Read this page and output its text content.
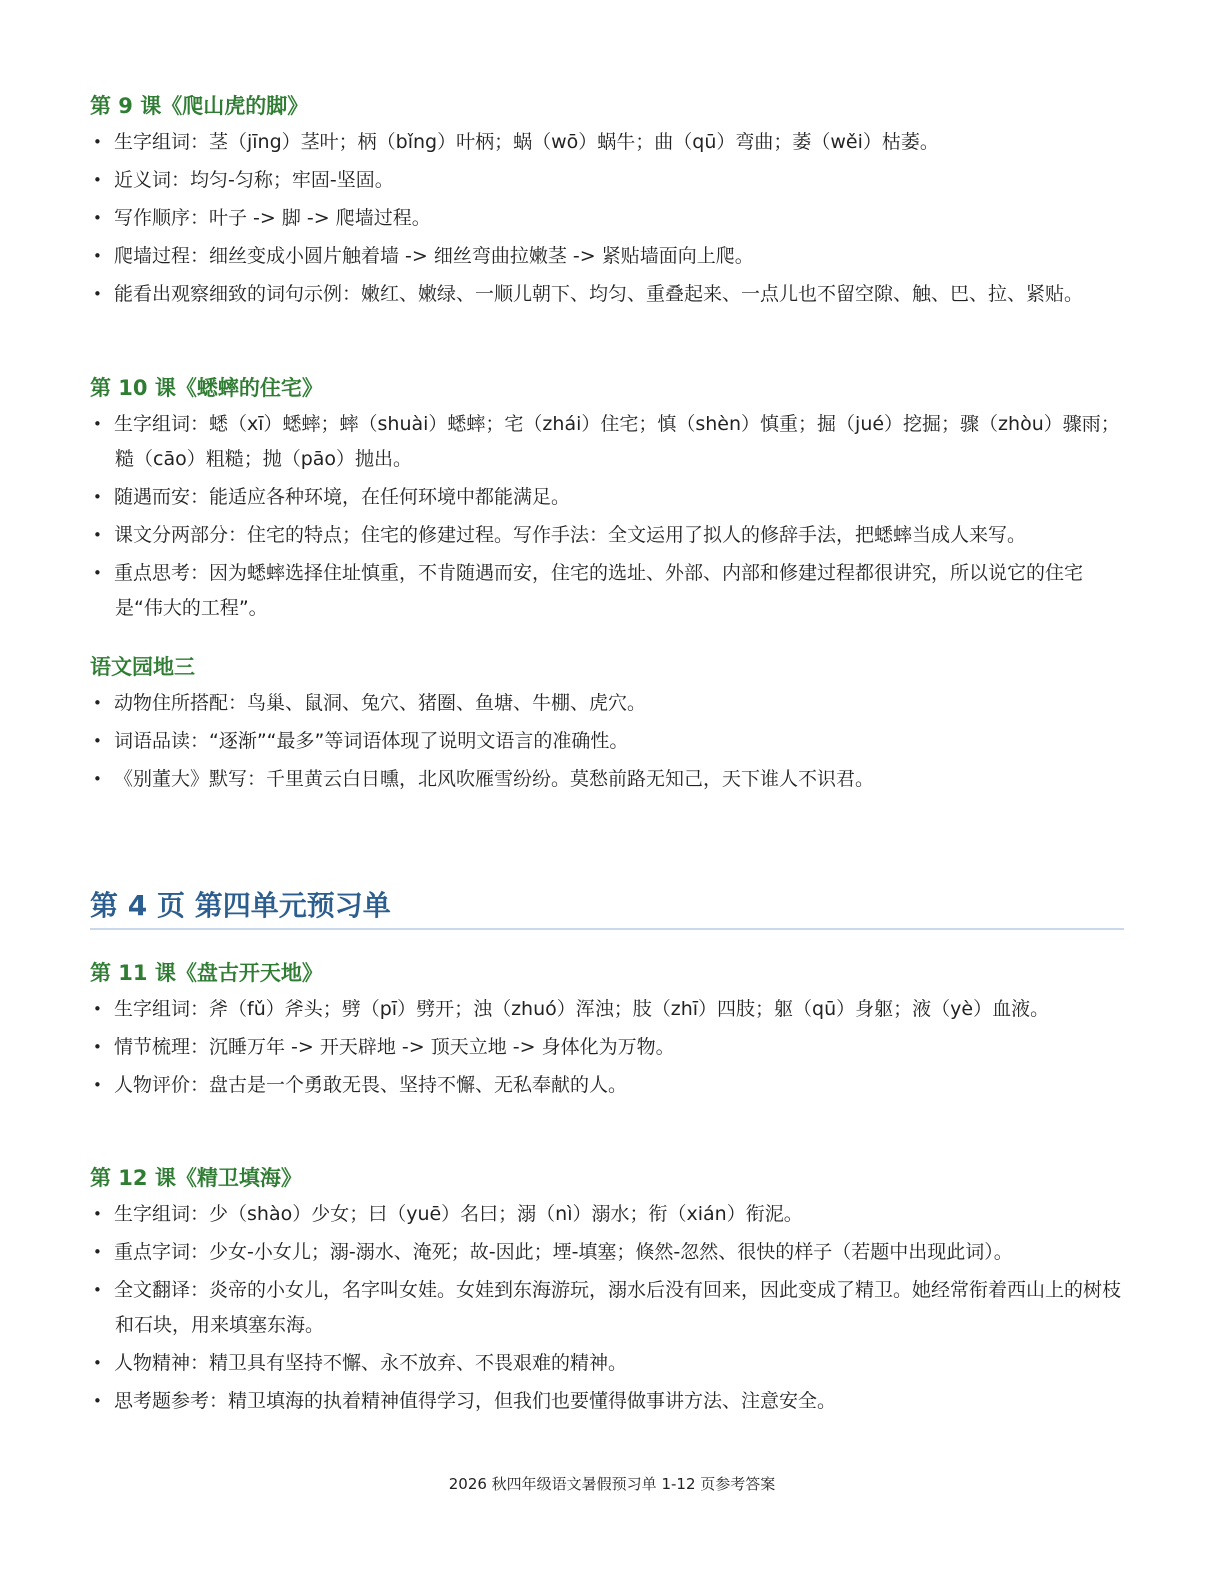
第 9 课《爬山虎的脚》
• 生字组词：茎（jīng）茎叶；柄（bǐng）叶柄；蜗（wō）蜗牛；曲（qū）弯曲；萎（wěi）枯萎。
• 近义词：均匀-匀称；牢固-坚固。
• 写作顺序：叶子 -> 脚 -> 爬墙过程。
• 爬墙过程：细丝变成小圆片触着墙 -> 细丝弯曲拉嫩茎 -> 紧贴墙面向上爬。
• 能看出观察细致的词句示例：嫩红、嫩绿、一顺儿朝下、均匀、重叠起来、一点儿也不留空隙、触、巴、拉、紧贴。
第 10 课《蟋蟀的住宅》
• 生字组词：蟋（xī）蟋蟀；蟀（shuài）蟋蟀；宅（zhái）住宅；慎（shèn）慎重；掘（jué）挖掘；骤（zhòu）骤雨；糙（cāo）粗糙；抛（pāo）抛出。
• 随遇而安：能适应各种环境，在任何环境中都能满足。
• 课文分两部分：住宅的特点；住宅的修建过程。写作手法：全文运用了拟人的修辞手法，把蟋蟀当成人来写。
• 重点思考：因为蟋蟀选择住址慎重，不肯随遇而安，住宅的选址、外部、内部和修建过程都很讲究，所以说它的住宅是“伟大的工程”。
语文园地三
• 动物住所搭配：鸟巢、鼠洞、兔穴、猪圈、鱼塘、牛棚、虎穴。
• 词语品读：“逐渐”“最多”等词语体现了说明文语言的准确性。
• 《别董大》默写：千里黄云白日曛，北风吹雁雪纷纷。莫愁前路无知己，天下谁人不识君。
第 4 页 第四单元预习单
第 11 课《盘古开天地》
• 生字组词：斧（fǔ）斧头；劈（pī）劈开；浊（zhuó）浑浊；肢（zhī）四肢；躯（qū）身躯；液（yè）血液。
• 情节梳理：沉睡万年 -> 开天辟地 -> 顶天立地 -> 身体化为万物。
• 人物评价：盘古是一个勇敢无畏、坚持不懈、无私奉献的人。
第 12 课《精卫填海》
• 生字组词：少（shào）少女；曰（yuē）名曰；溺（nì）溺水；衔（xián）衔泥。
• 重点字词：少女-小女儿；溺-溺水、淹死；故-因此；堙-填塞；倏然-忽然、很快的样子（若题中出现此词）。
• 全文翻译：炎帝的小女儿，名字叫女娃。女娃到东海游玩，溺水后没有回来，因此变成了精卫。她经常衔着西山上的树枝和石块，用来填塞东海。
• 人物精神：精卫具有坚持不懈、永不放弃、不畏艰难的精神。
• 思考题参考：精卫填海的执着精神值得学习，但我们也要懂得做事讲方法、注意安全。
2026 秋四年级语文暑假预习单 1-12 页参考答案
